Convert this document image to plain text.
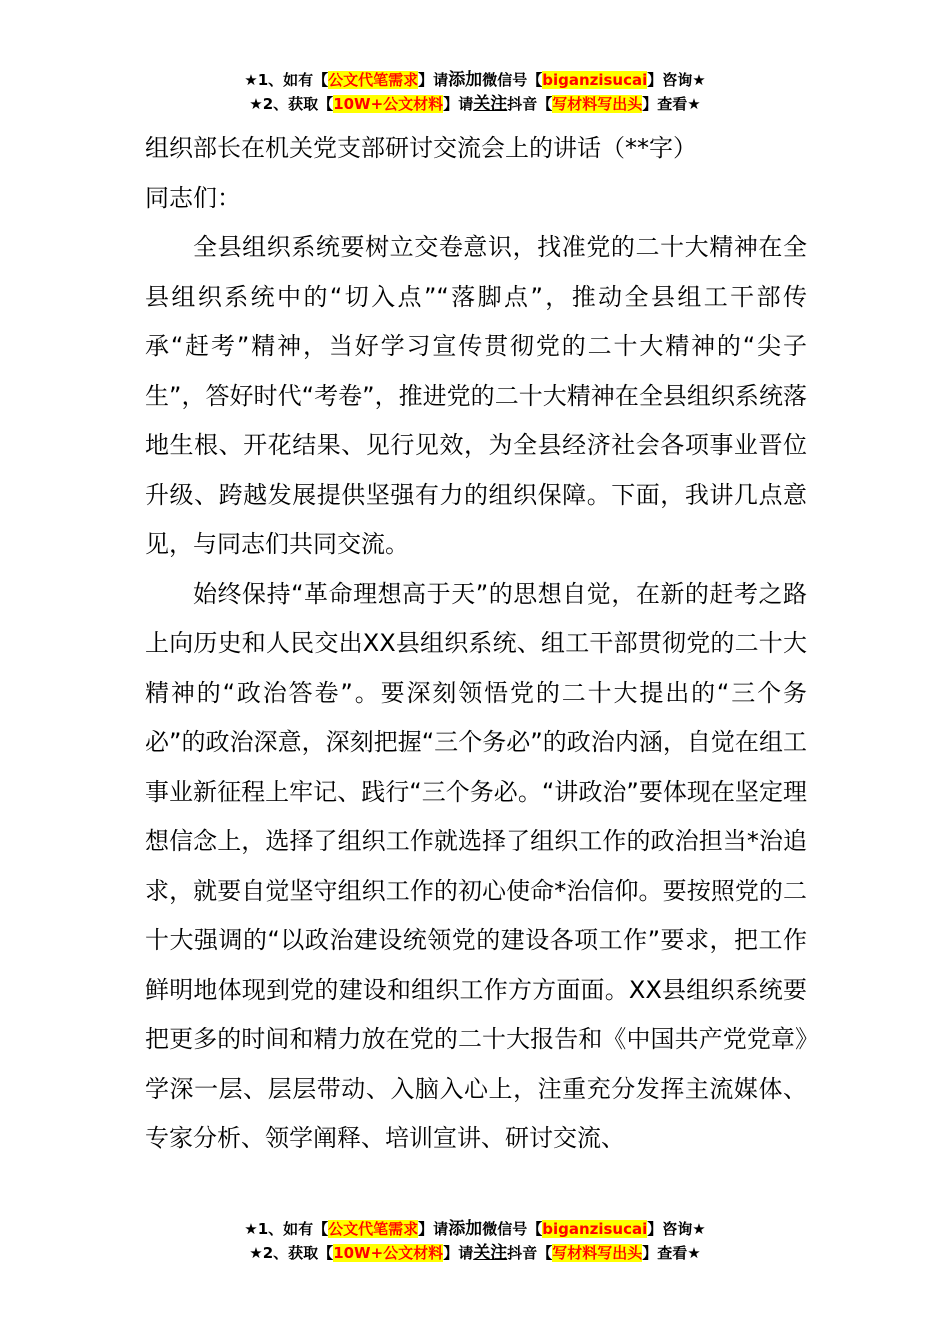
★1、如有【公文代笔需求】请添加微信号【biganzisucai】咨询★
★2、获取【10W+公文材料】请关注抖音【写材料写出头】查看★

组织部长在机关党支部研讨交流会上的讲话（**字）

同志们：

全县组织系统要树立交卷意识，找准党的二十大精神在全县组织系统中的“切入点”“落脚点”，推动全县组工干部传承“赶考”精神，当好学习宣传贯彻党的二十大精神的“尖子生”，答好时代“考卷”，推进党的二十大精神在全县组织系统落地生根、开花结果、见行见效，为全县经济社会各项事业晋位升级、跨越发展提供坚强有力的组织保障。下面，我讲几点意见，与同志们共同交流。

始终保持“革命理想高于天”的思想自觉，在新的赶考之路上向历史和人民交出XX县组织系统、组工干部贯彻党的二十大精神的“政治答卷”。要深刻领悟党的二十大提出的“三个务必”的政治深意，深刻把握“三个务必”的政治内涵，自觉在组工事业新征程上牢记、践行“三个务必。“讲政治”要体现在坚定理想信念上，选择了组织工作就选择了组织工作的政治担当*治追求，就要自觉坚守组织工作的初心使命*治信仰。要按照党的二十大强调的“以政治建设统领党的建设各项工作”要求，把工作鲜明地体现到党的建设和组织工作方方面面。XX县组织系统要把更多的时间和精力放在党的二十大报告和《中国共产党党章》学深一层、层层带动、入脑入心上，注重充分发挥主流媒体、专家分析、领学阐释、培训宣讲、研讨交流、

★1、如有【公文代笔需求】请添加微信号【biganzisucai】咨询★
★2、获取【10W+公文材料】请关注抖音【写材料写出头】查看★
